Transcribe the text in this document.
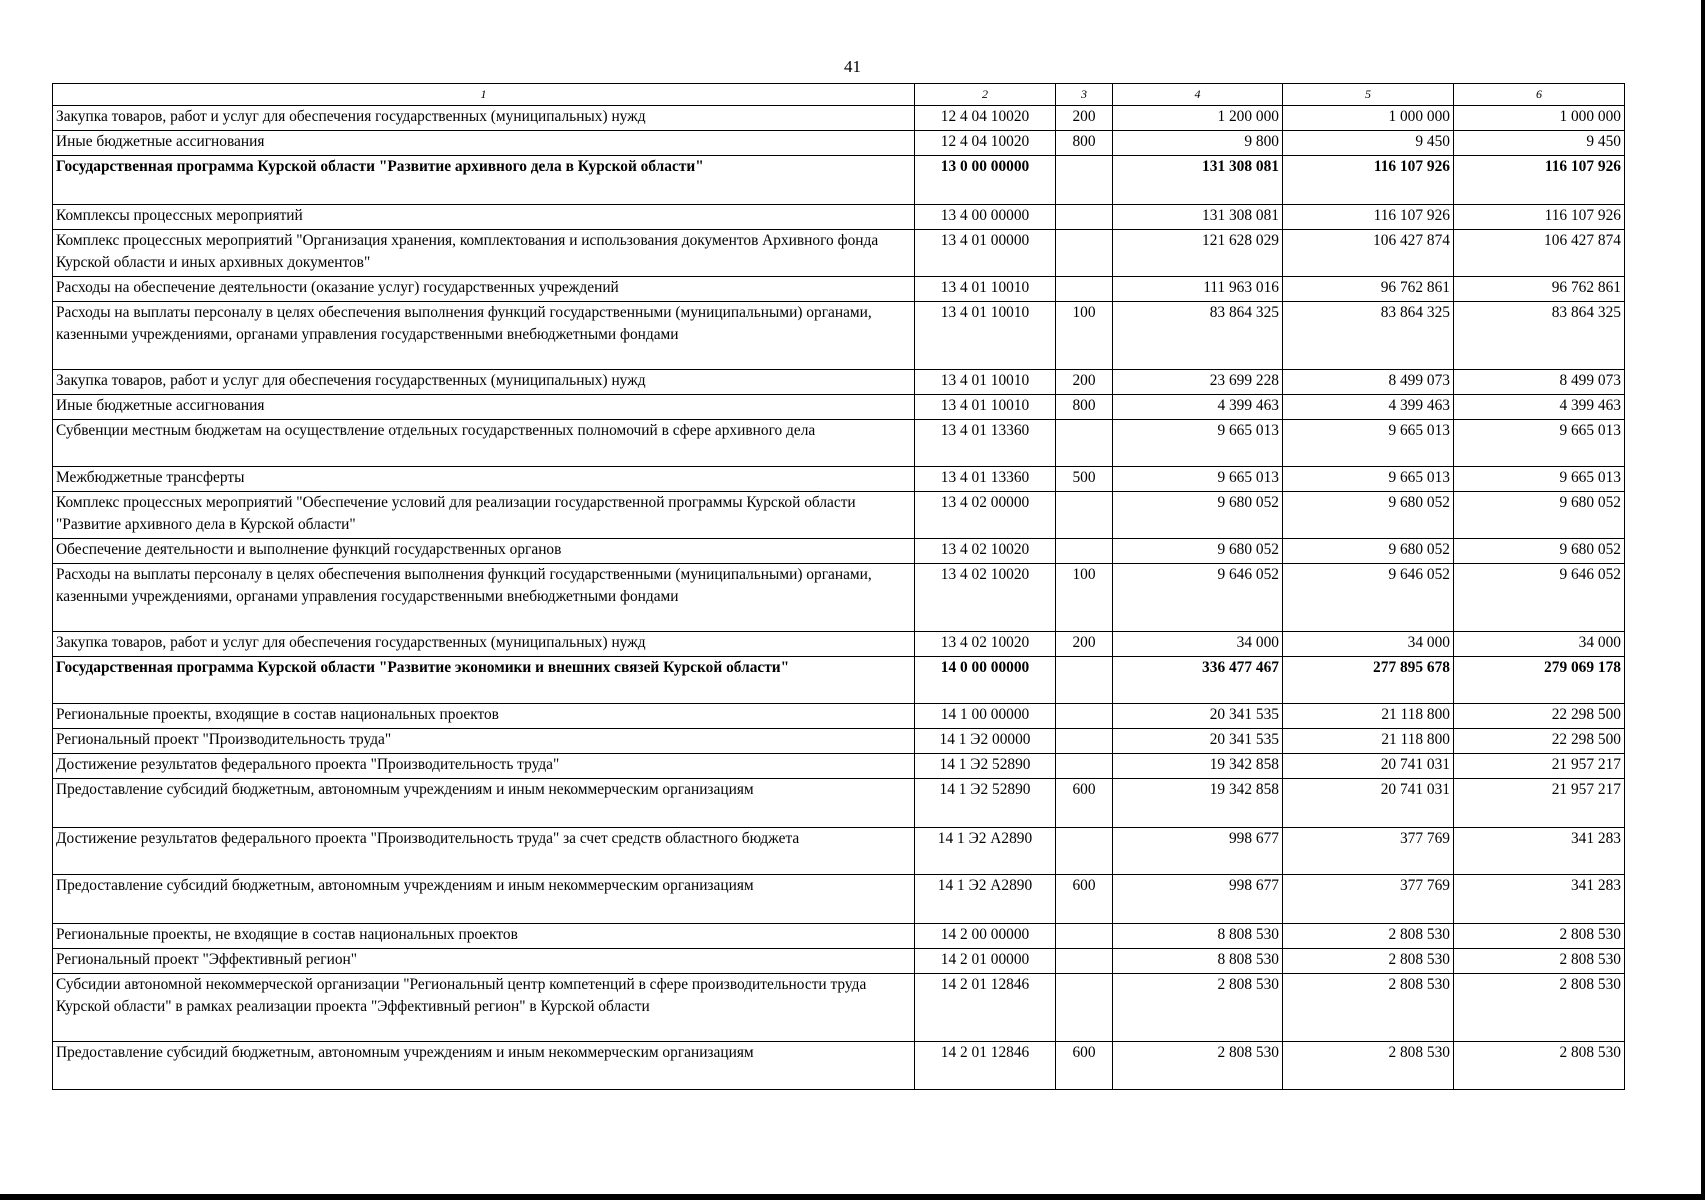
41
1	2	3	4	5	6
Закупка товаров, работ и услуг для обеспечения государственных (муниципальных) нужд	12 4 04 10020	200	1 200 000	1 000 000	1 000 000
Иные бюджетные ассигнования	12 4 04 10020	800	9 800	9 450	9 450
Государственная программа Курской области "Развитие архивного дела в Курской области"	13 0 00 00000		131 308 081	116 107 926	116 107 926
Комплексы процессных мероприятий	13 4 00 00000		131 308 081	116 107 926	116 107 926
Комплекс процессных мероприятий "Организация хранения, комплектования и использования документов Архивного фонда Курской области и иных архивных документов"	13 4 01 00000		121 628 029	106 427 874	106 427 874
Расходы на обеспечение деятельности (оказание услуг) государственных учреждений	13 4 01 10010		111 963 016	96 762 861	96 762 861
Расходы на выплаты персоналу в целях обеспечения выполнения функций государственными (муниципальными) органами, казенными учреждениями, органами управления государственными внебюджетными фондами	13 4 01 10010	100	83 864 325	83 864 325	83 864 325
Закупка товаров, работ и услуг для обеспечения государственных (муниципальных) нужд	13 4 01 10010	200	23 699 228	8 499 073	8 499 073
Иные бюджетные ассигнования	13 4 01 10010	800	4 399 463	4 399 463	4 399 463
Субвенции местным бюджетам на осуществление отдельных государственных полномочий в сфере архивного дела	13 4 01 13360		9 665 013	9 665 013	9 665 013
Межбюджетные трансферты	13 4 01 13360	500	9 665 013	9 665 013	9 665 013
Комплекс процессных мероприятий "Обеспечение условий для реализации государственной программы Курской области "Развитие архивного дела в Курской области"	13 4 02 00000		9 680 052	9 680 052	9 680 052
Обеспечение деятельности и выполнение функций государственных органов	13 4 02 10020		9 680 052	9 680 052	9 680 052
Расходы на выплаты персоналу в целях обеспечения выполнения функций государственными (муниципальными) органами, казенными учреждениями, органами управления государственными внебюджетными фондами	13 4 02 10020	100	9 646 052	9 646 052	9 646 052
Закупка товаров, работ и услуг для обеспечения государственных (муниципальных) нужд	13 4 02 10020	200	34 000	34 000	34 000
Государственная программа Курской области "Развитие экономики и внешних связей Курской области"	14 0 00 00000		336 477 467	277 895 678	279 069 178
Региональные проекты, входящие в состав национальных проектов	14 1 00 00000		20 341 535	21 118 800	22 298 500
Региональный проект "Производительность труда"	14 1 Э2 00000		20 341 535	21 118 800	22 298 500
Достижение результатов федерального проекта "Производительность труда"	14 1 Э2 52890		19 342 858	20 741 031	21 957 217
Предоставление субсидий бюджетным, автономным учреждениям и иным некоммерческим организациям	14 1 Э2 52890	600	19 342 858	20 741 031	21 957 217
Достижение результатов федерального проекта "Производительность труда" за счет средств областного бюджета	14 1 Э2 А2890		998 677	377 769	341 283
Предоставление субсидий бюджетным, автономным учреждениям и иным некоммерческим организациям	14 1 Э2 А2890	600	998 677	377 769	341 283
Региональные проекты, не входящие в состав национальных проектов	14 2 00 00000		8 808 530	2 808 530	2 808 530
Региональный проект "Эффективный регион"	14 2 01 00000		8 808 530	2 808 530	2 808 530
Субсидии автономной некоммерческой организации "Региональный центр компетенций в сфере производительности труда Курской области" в рамках реализации проекта "Эффективный регион" в Курской области	14 2 01 12846		2 808 530	2 808 530	2 808 530
Предоставление субсидий бюджетным, автономным учреждениям и иным некоммерческим организациям	14 2 01 12846	600	2 808 530	2 808 530	2 808 530
